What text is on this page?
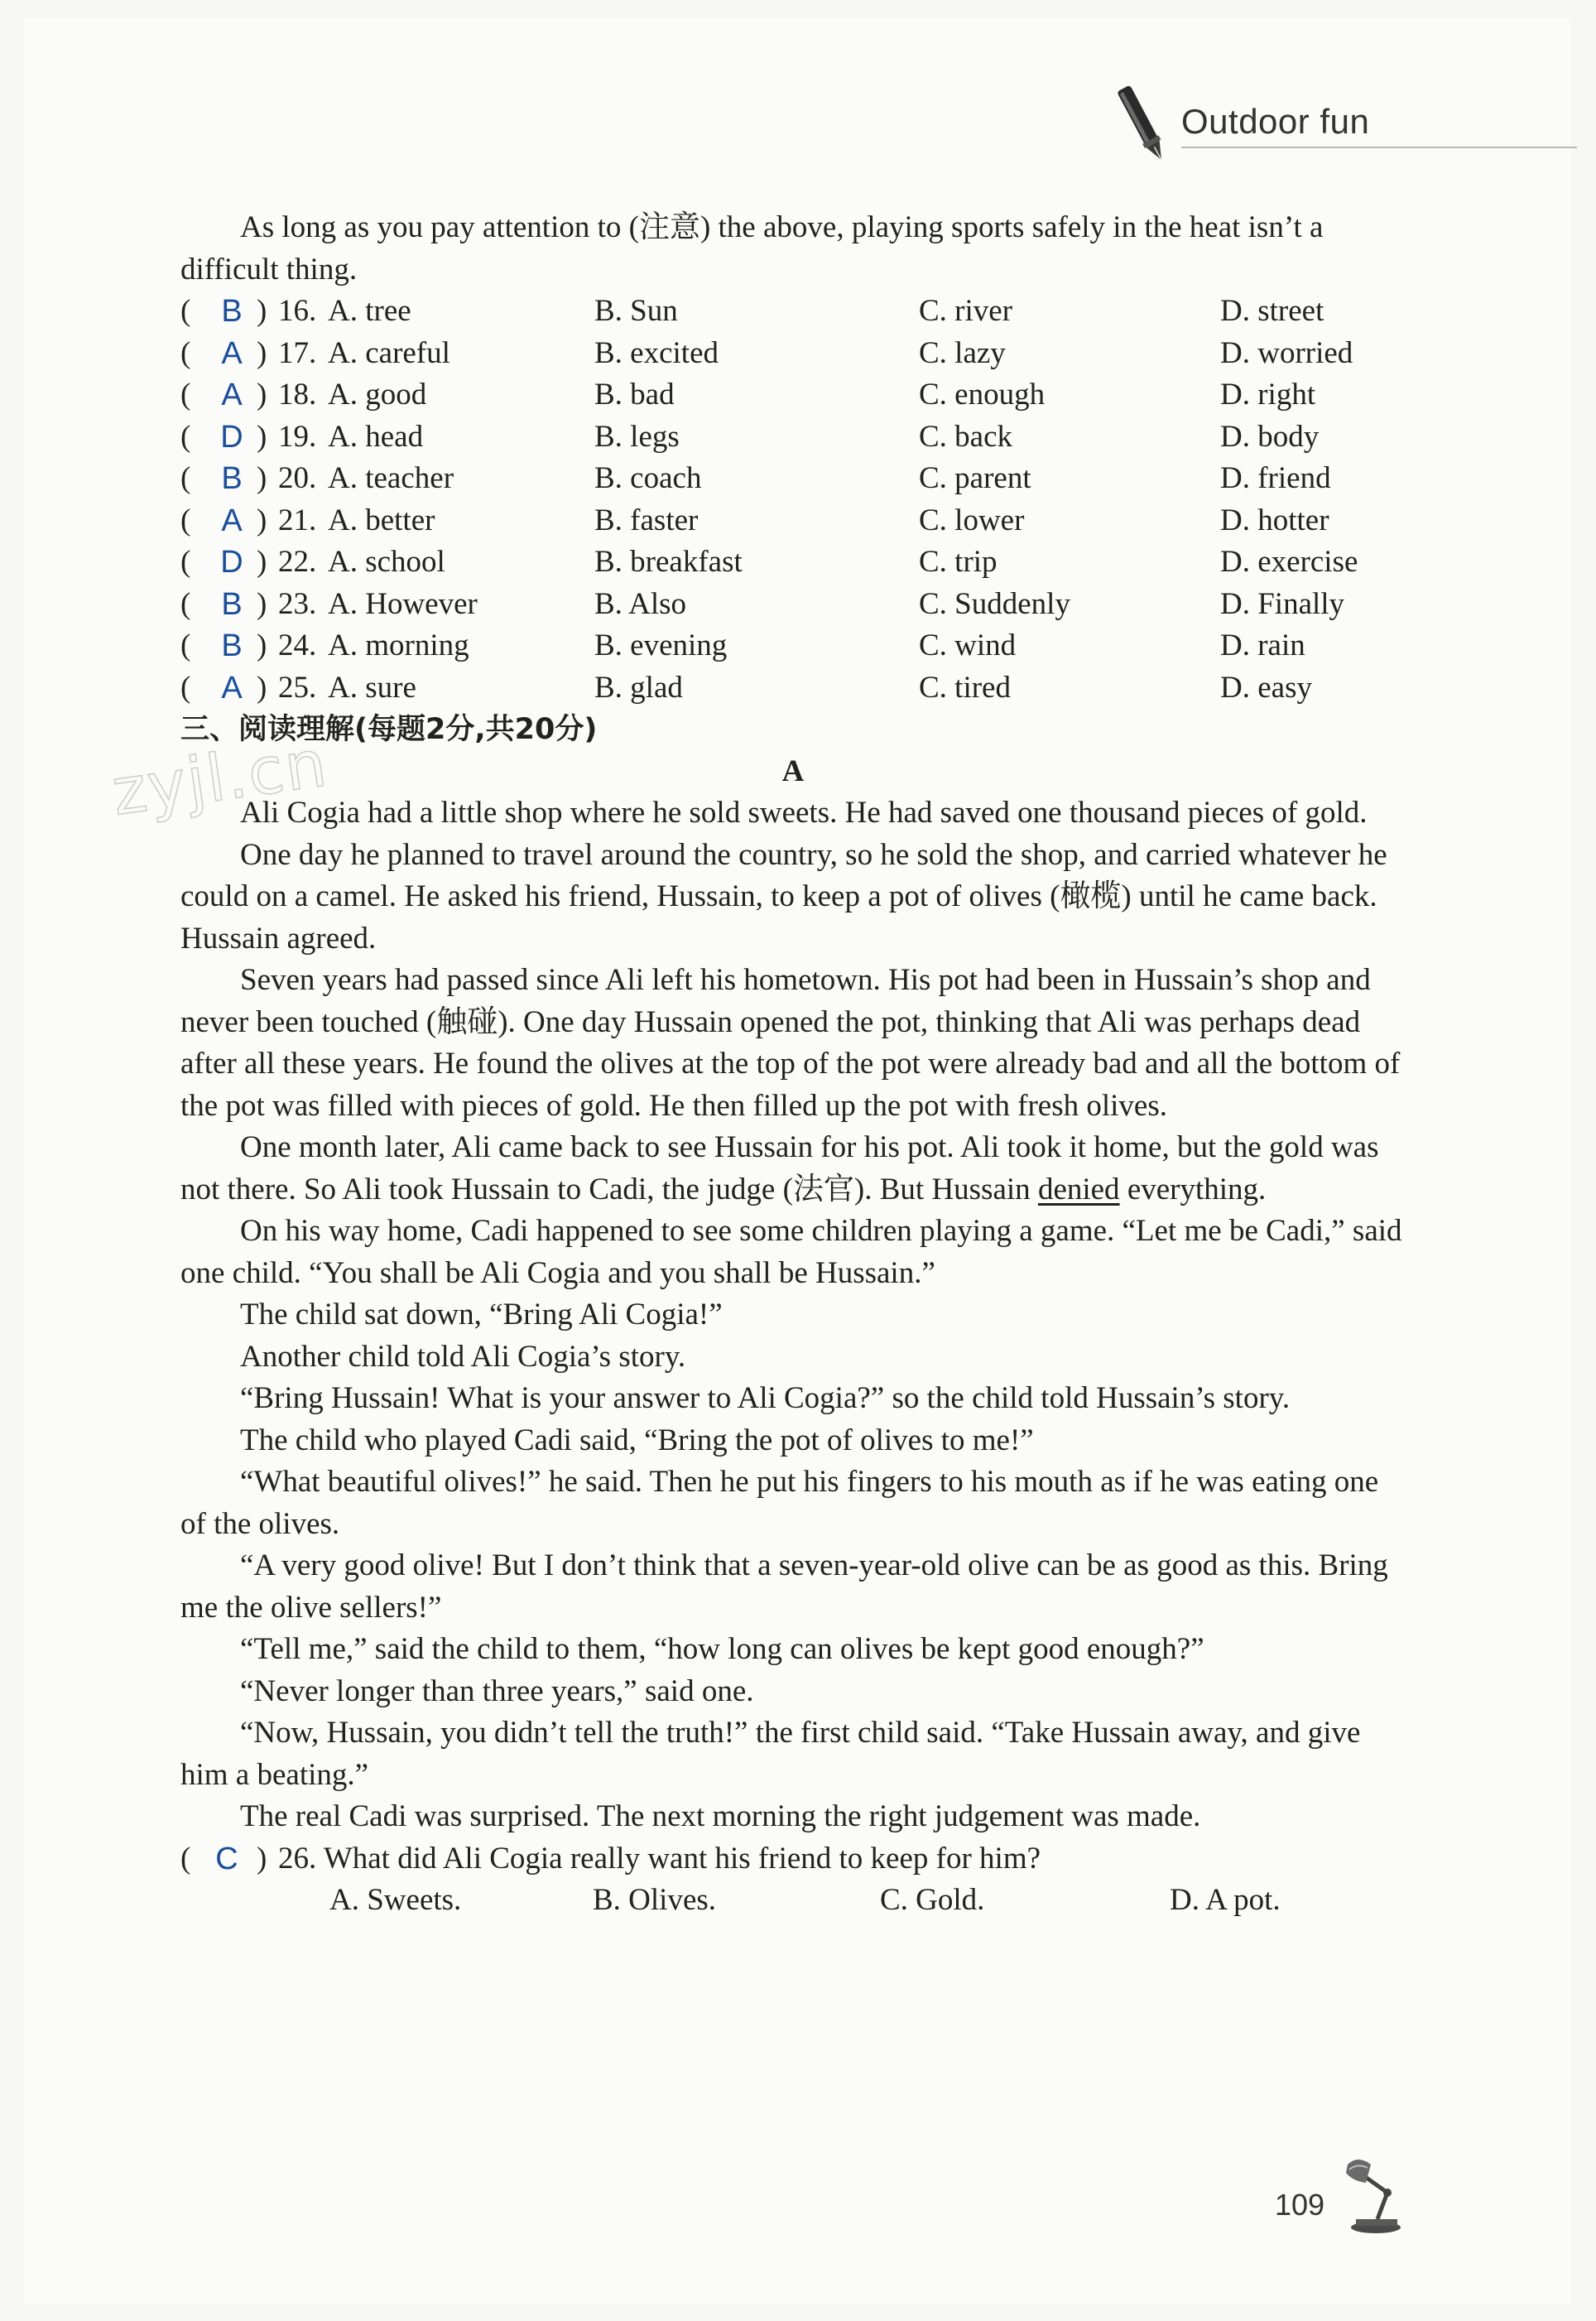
Outdoor fun
zyjl.cn

As long as you pay attention to (注意) the above, playing sports safely in the heat isn’t a difficult thing.

( B ) 16. A. tree	B. Sun	C. river	D. street
( A ) 17. A. careful	B. excited	C. lazy	D. worried
( A ) 18. A. good	B. bad	C. enough	D. right
( D ) 19. A. head	B. legs	C. back	D. body
( B ) 20. A. teacher	B. coach	C. parent	D. friend
( A ) 21. A. better	B. faster	C. lower	D. hotter
( D ) 22. A. school	B. breakfast	C. trip	D. exercise
( B ) 23. A. However	B. Also	C. Suddenly	D. Finally
( B ) 24. A. morning	B. evening	C. wind	D. rain
( A ) 25. A. sure	B. glad	C. tired	D. easy

三、阅读理解(每题2分,共20分)

A

Ali Cogia had a little shop where he sold sweets. He had saved one thousand pieces of gold.

One day he planned to travel around the country, so he sold the shop, and carried whatever he could on a camel. He asked his friend, Hussain, to keep a pot of olives (橄榄) until he came back. Hussain agreed.

Seven years had passed since Ali left his hometown. His pot had been in Hussain’s shop and never been touched (触碰). One day Hussain opened the pot, thinking that Ali was perhaps dead after all these years. He found the olives at the top of the pot were already bad and all the bottom of the pot was filled with pieces of gold. He then filled up the pot with fresh olives.

One month later, Ali came back to see Hussain for his pot. Ali took it home, but the gold was not there. So Ali took Hussain to Cadi, the judge (法官). But Hussain denied everything.

On his way home, Cadi happened to see some children playing a game. “Let me be Cadi,” said one child. “You shall be Ali Cogia and you shall be Hussain.”

The child sat down, “Bring Ali Cogia!”

Another child told Ali Cogia’s story.

“Bring Hussain! What is your answer to Ali Cogia?” so the child told Hussain’s story.

The child who played Cadi said, “Bring the pot of olives to me!”

“What beautiful olives!” he said. Then he put his fingers to his mouth as if he was eating one of the olives.

“A very good olive! But I don’t think that a seven-year-old olive can be as good as this. Bring me the olive sellers!”

“Tell me,” said the child to them, “how long can olives be kept good enough?”

“Never longer than three years,” said one.

“Now, Hussain, you didn’t tell the truth!” the first child said. “Take Hussain away, and give him a beating.”

The real Cadi was surprised. The next morning the right judgement was made.

( C ) 26. What did Ali Cogia really want his friend to keep for him?
A. Sweets.	B. Olives.	C. Gold.	D. A pot.
109
